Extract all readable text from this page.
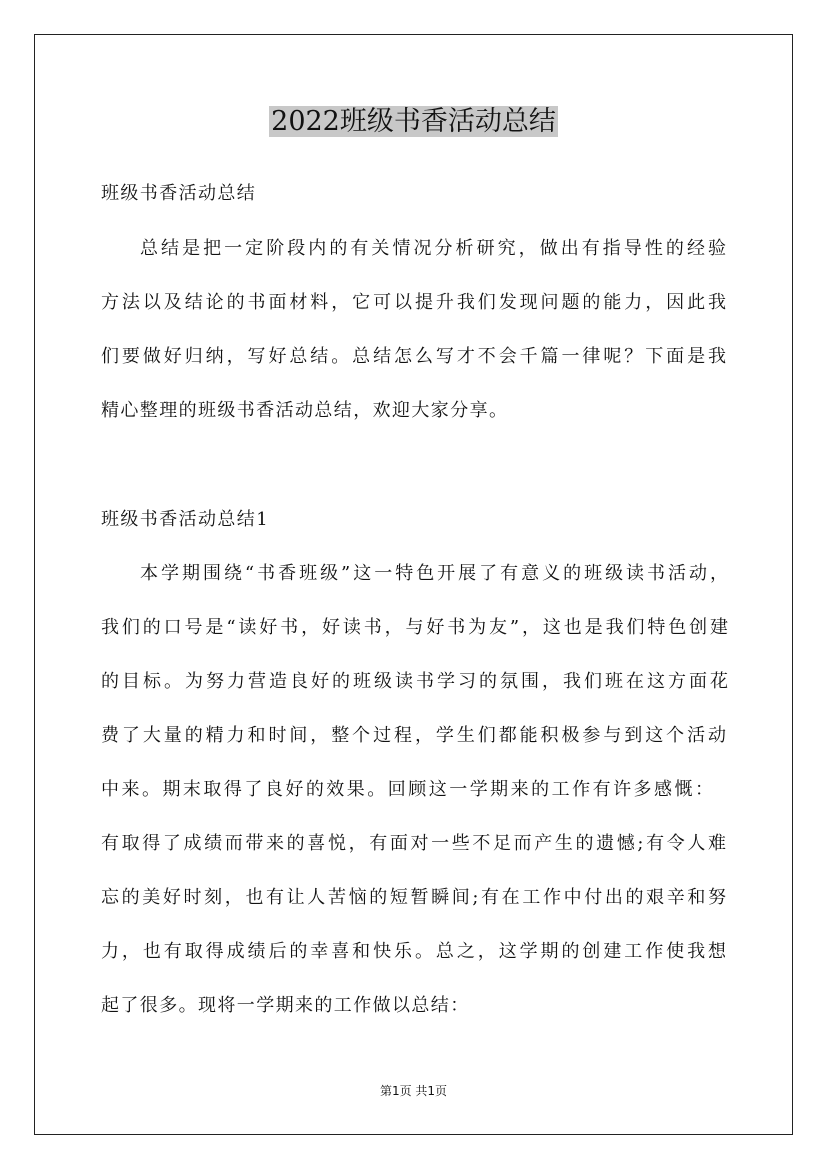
2022班级书香活动总结
班级书香活动总结
总结是把一定阶段内的有关情况分析研究，做出有指导性的经验
方法以及结论的书面材料，它可以提升我们发现问题的能力，因此我
们要做好归纳，写好总结。总结怎么写才不会千篇一律呢？下面是我
精心整理的班级书香活动总结，欢迎大家分享。
班级书香活动总结1
本学期围绕“书香班级”这一特色开展了有意义的班级读书活动，
我们的口号是“读好书，好读书，与好书为友”，这也是我们特色创建
的目标。为努力营造良好的班级读书学习的氛围，我们班在这方面花
费了大量的精力和时间，整个过程，学生们都能积极参与到这个活动
中来。期末取得了良好的效果。回顾这一学期来的工作有许多感慨：
有取得了成绩而带来的喜悦，有面对一些不足而产生的遗憾;有令人难
忘的美好时刻，也有让人苦恼的短暂瞬间;有在工作中付出的艰辛和努
力，也有取得成绩后的幸喜和快乐。总之，这学期的创建工作使我想
起了很多。现将一学期来的工作做以总结：
第1页 共1页
